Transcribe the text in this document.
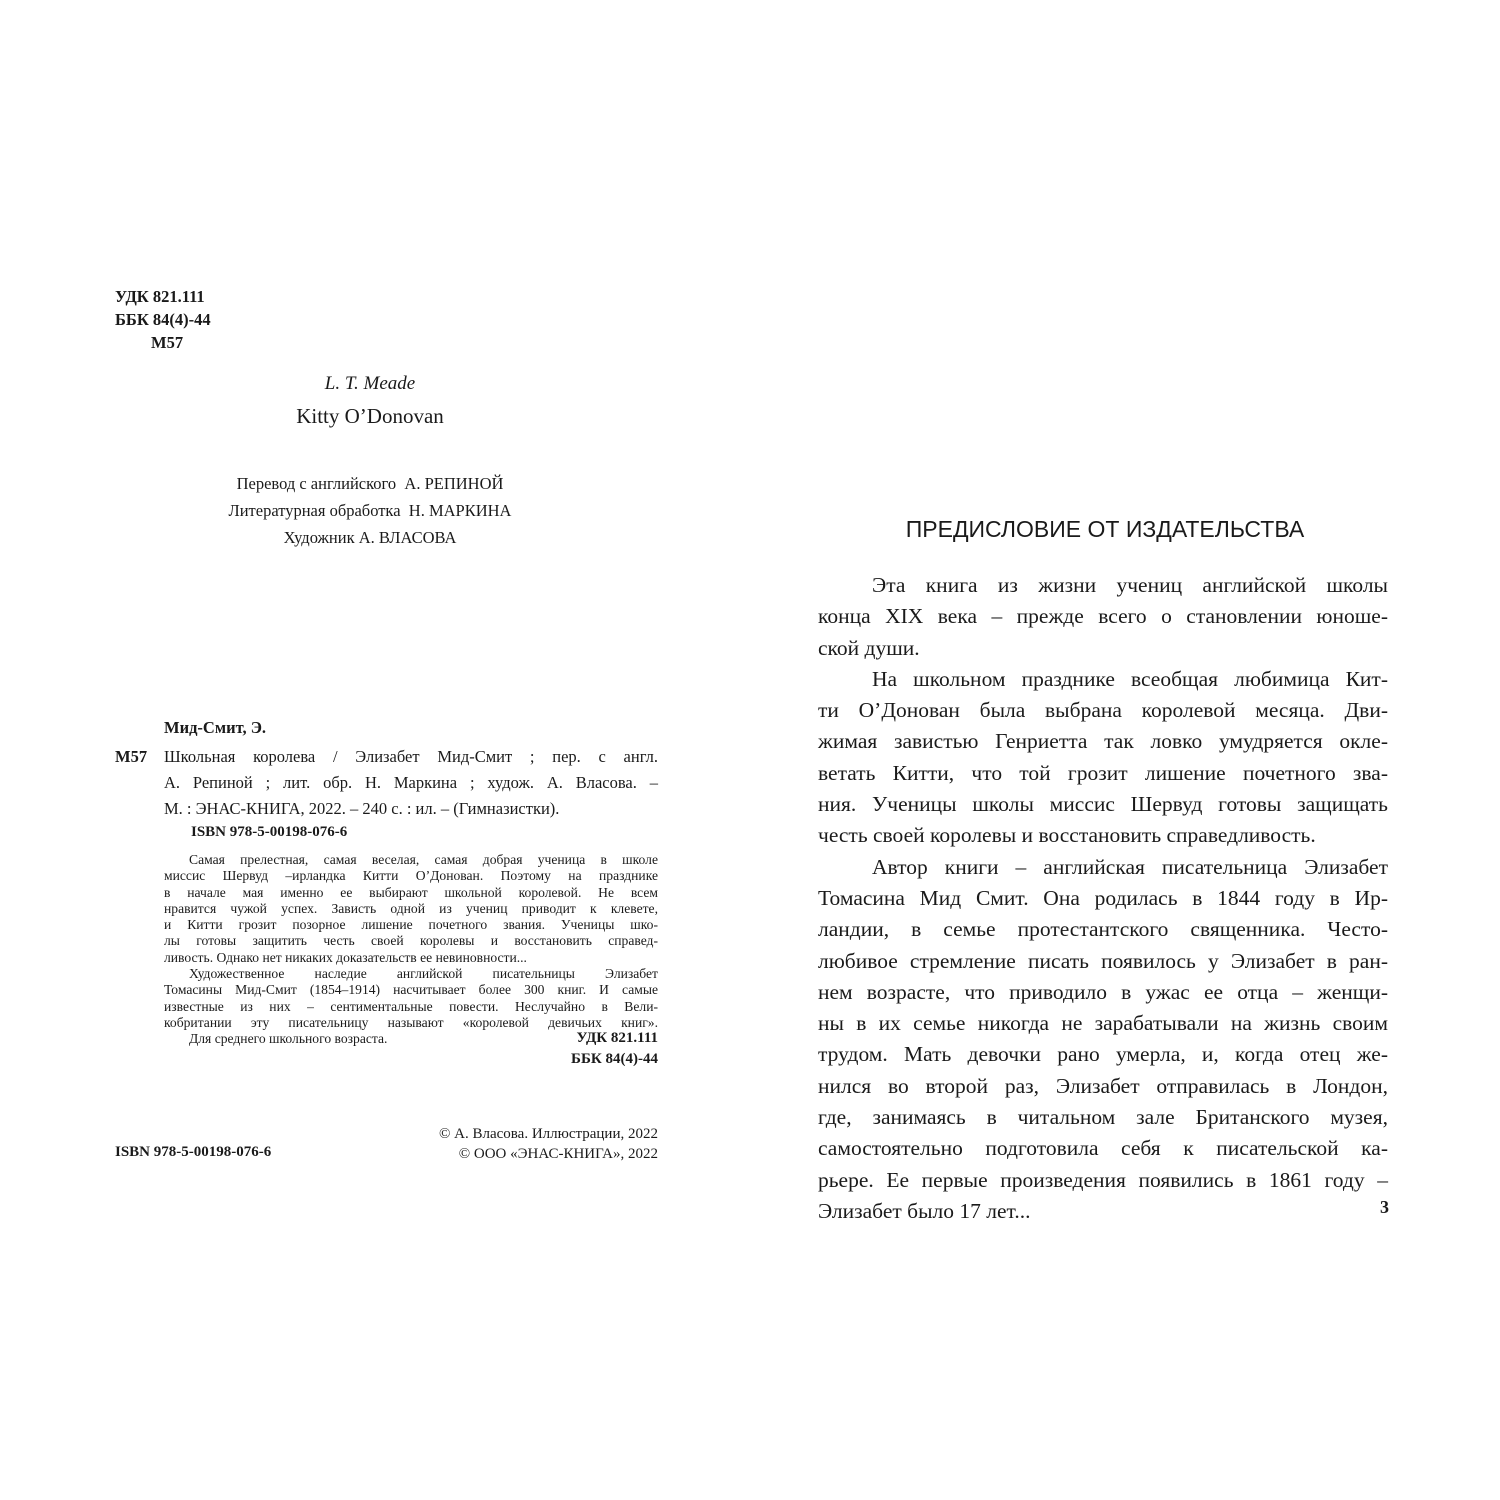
УДК 821.111
ББК 84(4)-44
М57
L. T. Meade
Kitty O’Donovan
Перевод с английского  А. РЕПИНОЙ
Литературная обработка  Н. МАРКИНА
Художник А. ВЛАСОВА
Мид-Смит, Э.
М57 Школьная королева / Элизабет Мид-Смит ; пер. с англ.
А. Репиной ; лит. обр. Н. Маркина ; худож. А. Власова. –
М. : ЭНАС-КНИГА, 2022. – 240 с. : ил. – (Гимназистки).
ISBN 978-5-00198-076-6
Самая прелестная, самая веселая, самая добрая ученица в школе
миссис Шервуд –ирландка Китти О’Донован. Поэтому на празднике
в начале мая именно ее выбирают школьной королевой. Не всем
нравится чужой успех. Зависть одной из учениц приводит к клевете,
и Китти грозит позорное лишение почетного звания. Ученицы шко-
лы готовы защитить честь своей королевы и восстановить справед-
ливость. Однако нет никаких доказательств ее невиновности...
Художественное наследие английской писательницы Элизабет
Томасины Мид-Смит (1854–1914) насчитывает более 300 книг. И самые
известные из них – сентиментальные повести. Неслучайно в Вели-
кобритании эту писательницу называют «королевой девичьих книг».
Для среднего школьного возраста.	УДК 821.111
ББК 84(4)-44
© А. Власова. Иллюстрации, 2022
© ООО «ЭНАС-КНИГА», 2022
ISBN 978-5-00198-076-6
ПРЕДИСЛОВИЕ ОТ ИЗДАТЕЛЬСТВА
Эта книга из жизни учениц английской школы
конца XIX века – прежде всего о становлении юноше-
ской души.
На школьном празднике всеобщая любимица Кит-
ти О’Донован была выбрана королевой месяца. Дви-
жимая завистью Генриетта так ловко умудряется окле-
ветать Китти, что той грозит лишение почетного зва-
ния. Ученицы школы миссис Шервуд готовы защищать
честь своей королевы и восстановить справедливость.
Автор книги – английская писательница Элизабет
Томасина Мид Смит. Она родилась в 1844 году в Ир-
ландии, в семье протестантского священника. Често-
любивое стремление писать появилось у Элизабет в ран-
нем возрасте, что приводило в ужас ее отца – женщи-
ны в их семье никогда не зарабатывали на жизнь своим
трудом. Мать девочки рано умерла, и, когда отец же-
нился во второй раз, Элизабет отправилась в Лондон,
где, занимаясь в читальном зале Британского музея,
самостоятельно подготовила себя к писательской ка-
рьере. Ее первые произведения появились в 1861 году –
Элизабет было 17 лет...	3
